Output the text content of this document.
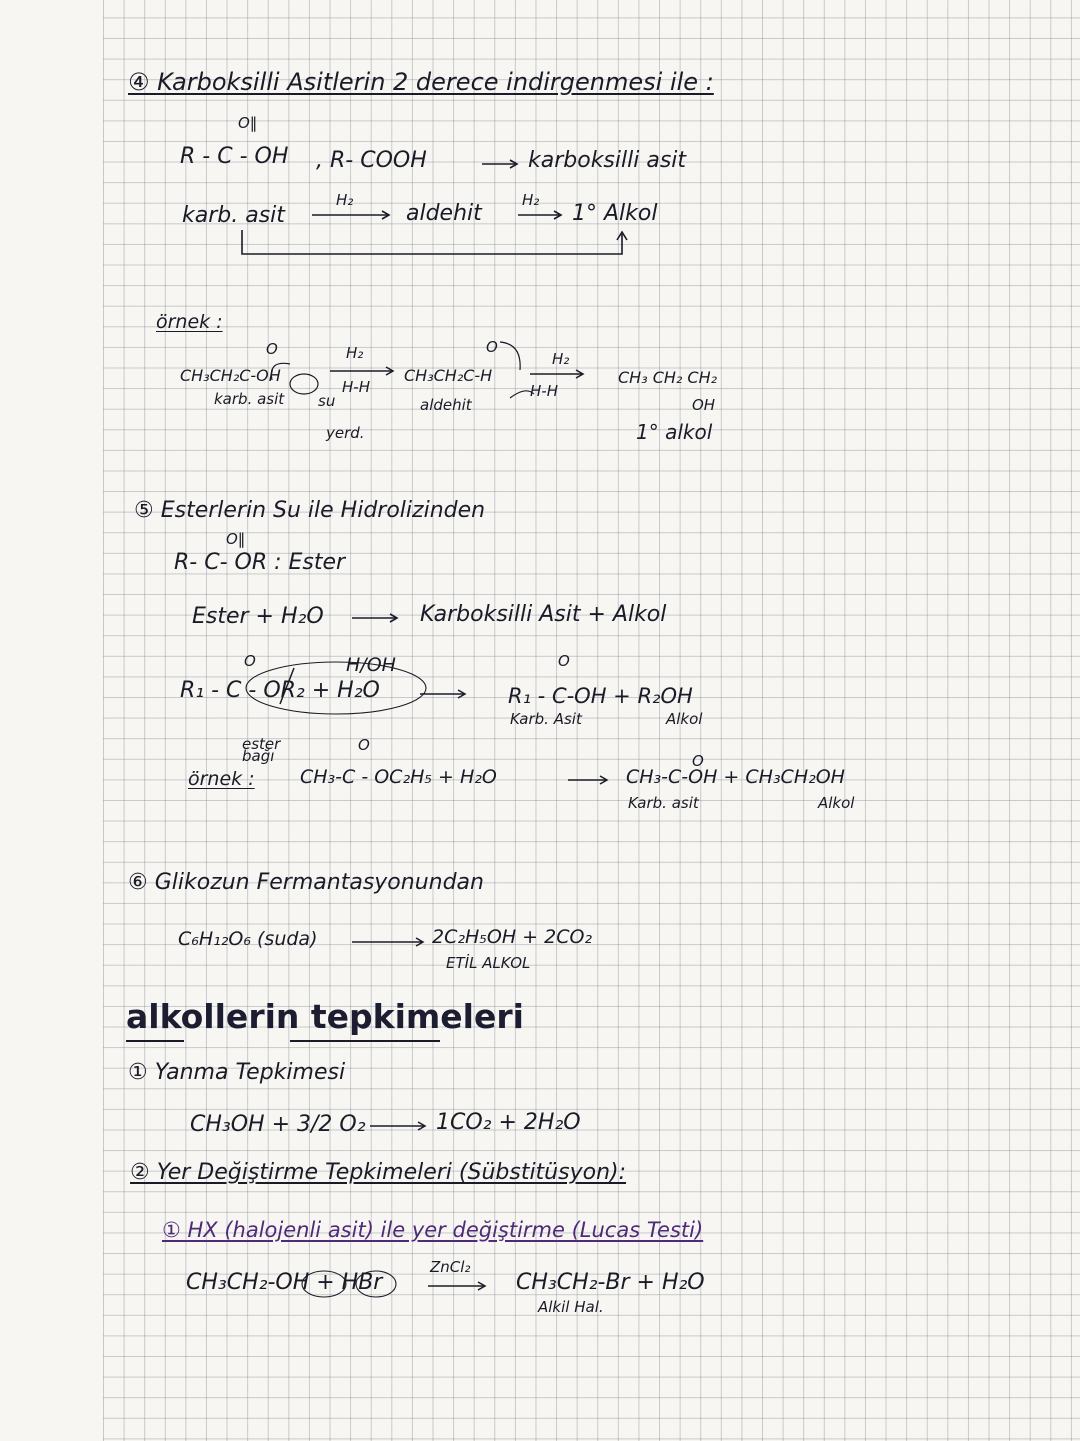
④ Karboksilli Asitlerin 2 derece indirgenmesi ile :
O‖
R - C - OH , R- COOH	karboksilli asit
karb. asit
H₂
aldehit
H₂
1° Alkol
örnek :
O
CH₃CH₂C-OH
karb. asit su
H₂
H-H
yerd.
O
CH₃CH₂C-H
aldehit
H₂
H-H
CH₃ CH₂ CH₂
OH
1° alkol
⑤ Esterlerin Su ile Hidrolizinden
O‖
R- C- OR : Ester
Ester + H₂O	Karboksilli Asit + Alkol
O	H/OH
R₁ - C - OR₂ + H₂O
O
R₁ - C-OH + R₂OH
Karb. Asit	Alkol
ester bağı
O
örnek : CH₃-C - OC₂H₅ + H₂O
O
CH₃-C-OH + CH₃CH₂OH
Karb. asit	Alkol
⑥ Glikozun Fermantasyonundan
C₆H₁₂O₆ (suda)	2C₂H₅OH + 2CO₂
ETİL ALKOL
alkollerin tepkimeleri
① Yanma Tepkimesi
CH₃OH + 3/2 O₂	1CO₂ + 2H₂O
② Yer Değiştirme Tepkimeleri (Sübstitüsyon):
① HX (halojenli asit) ile yer değiştirme (Lucas Testi)
CH₃CH₂-OH + HBr
ZnCl₂
CH₃CH₂-Br + H₂O
Alkil Hal.
